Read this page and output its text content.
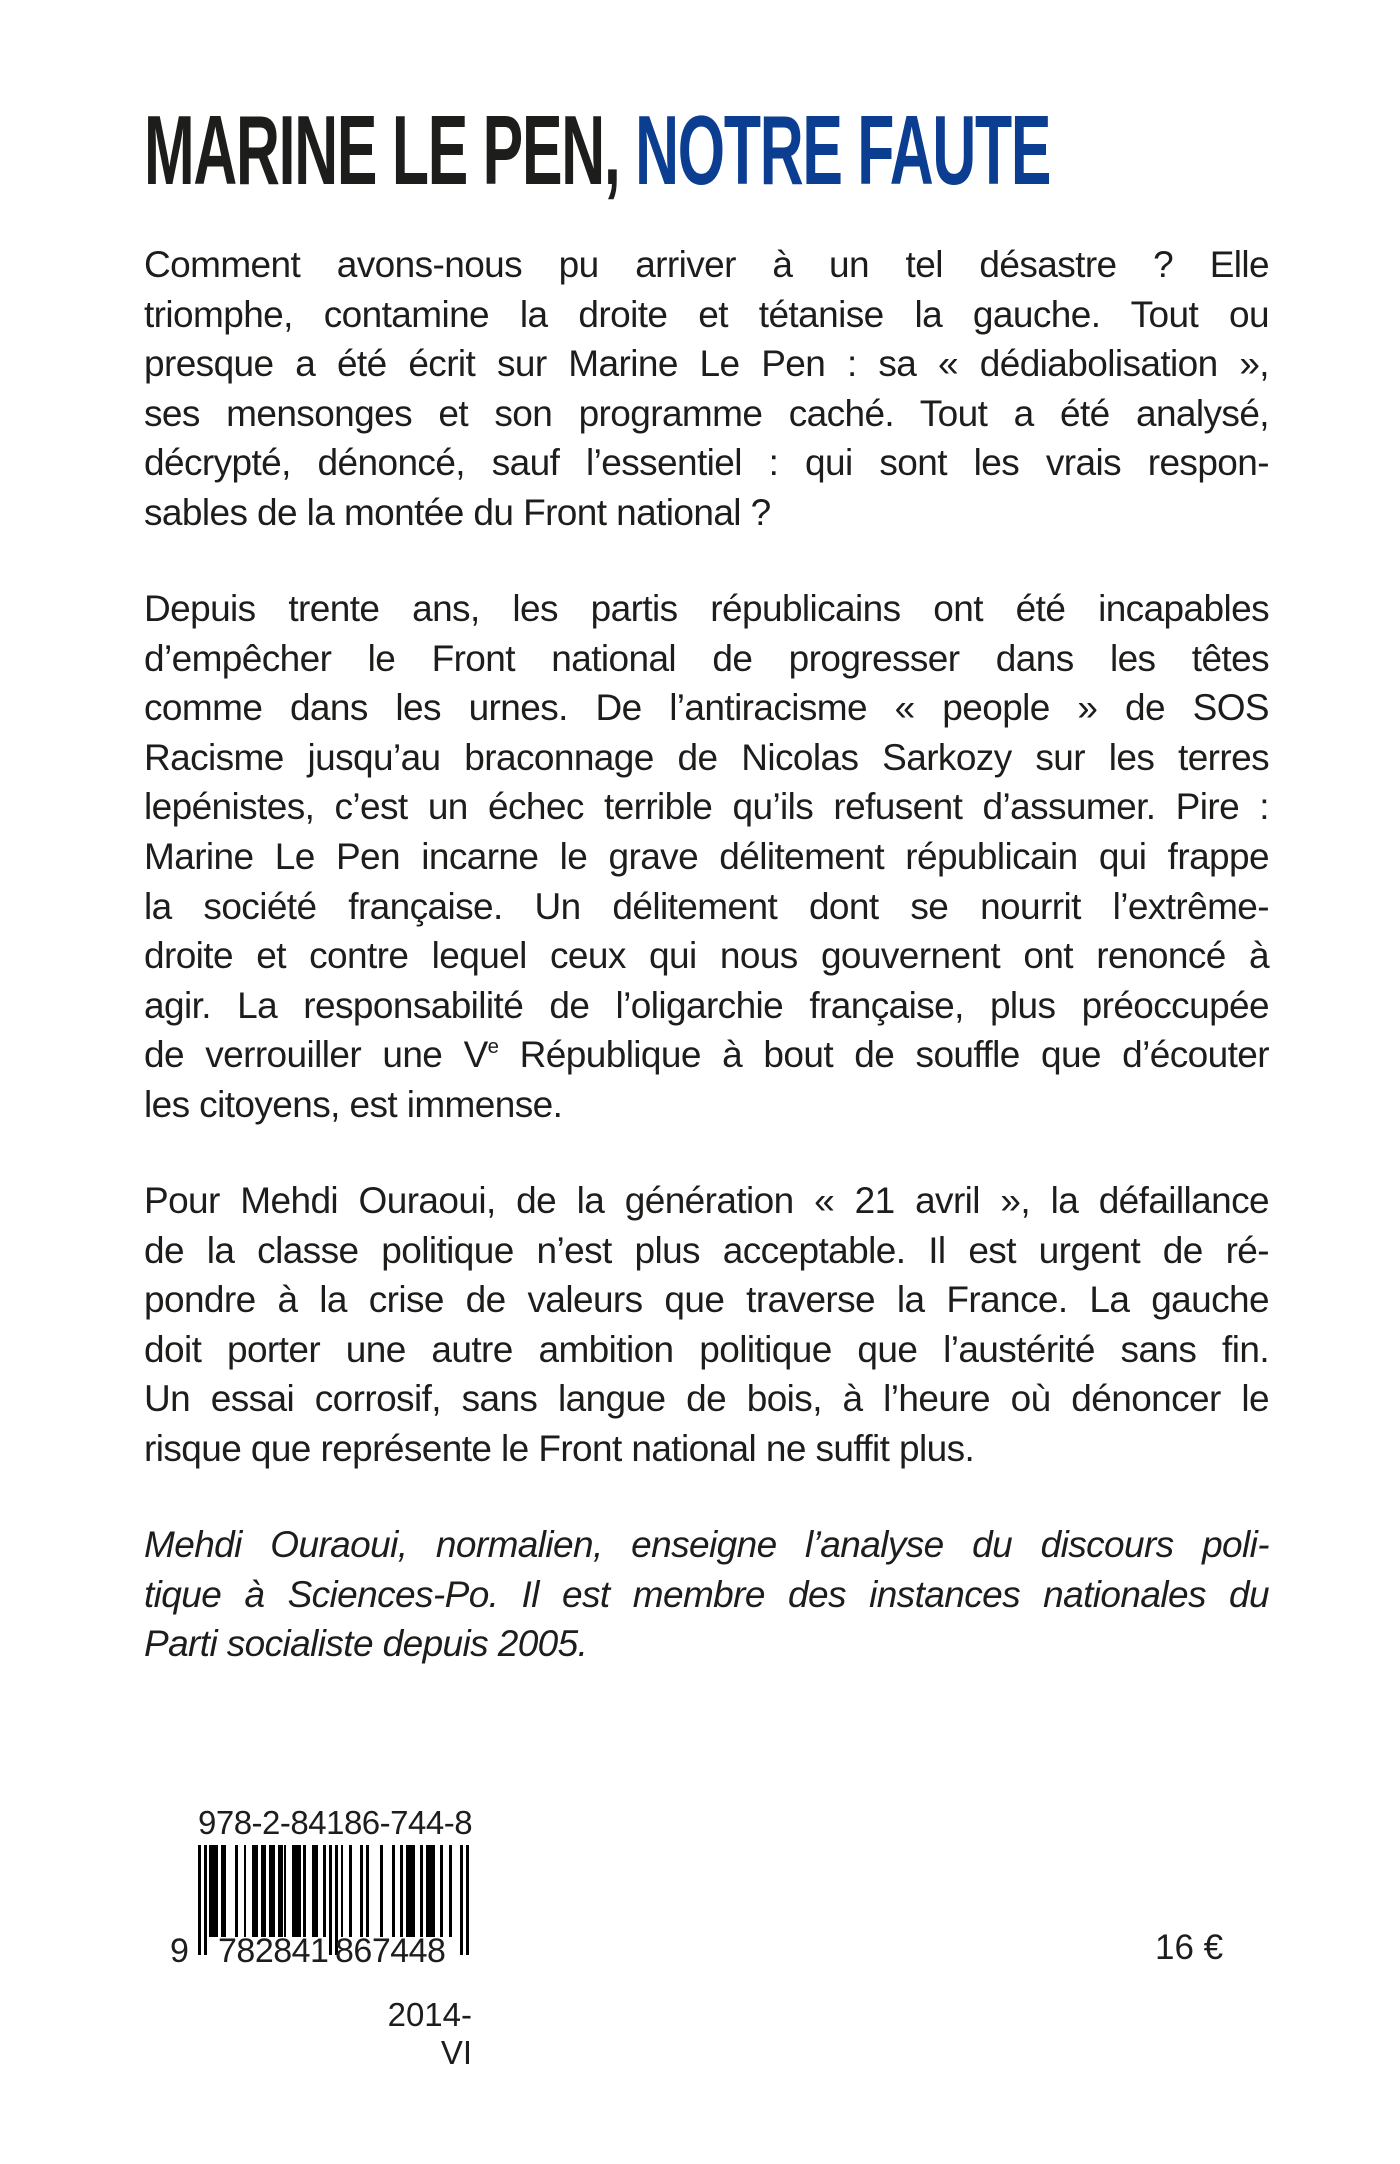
MARINE LE PEN, NOTRE FAUTE
Comment avons-nous pu arriver à un tel désastre ? Elle
triomphe, contamine la droite et tétanise la gauche. Tout ou
presque a été écrit sur Marine Le Pen : sa « dédiabolisation »,
ses mensonges et son programme caché. Tout a été analysé,
décrypté, dénoncé, sauf l’essentiel : qui sont les vrais respon-
sables de la montée du Front national ?
Depuis trente ans, les partis républicains ont été incapables
d’empêcher le Front national de progresser dans les têtes
comme dans les urnes. De l’antiracisme « people » de SOS
Racisme jusqu’au braconnage de Nicolas Sarkozy sur les terres
lepénistes, c’est un échec terrible qu’ils refusent d’assumer. Pire :
Marine Le Pen incarne le grave délitement républicain qui frappe
la société française. Un délitement dont se nourrit l’extrême-
droite et contre lequel ceux qui nous gouvernent ont renoncé à
agir. La responsabilité de l’oligarchie française, plus préoccupée
de verrouiller une Ve République à bout de souffle que d’écouter
les citoyens, est immense.
Pour Mehdi Ouraoui, de la génération « 21 avril », la défaillance
de la classe politique n’est plus acceptable. Il est urgent de ré-
pondre à la crise de valeurs que traverse la France. La gauche
doit porter une autre ambition politique que l’austérité sans fin.
Un essai corrosif, sans langue de bois, à l’heure où dénoncer le
risque que représente le Front national ne suffit plus.
Mehdi Ouraoui, normalien, enseigne l’analyse du discours poli-
tique à Sciences-Po. Il est membre des instances nationales du
Parti socialiste depuis 2005.
978-2-84186-744-8
9 782841 867448
2014-VI
16 €
